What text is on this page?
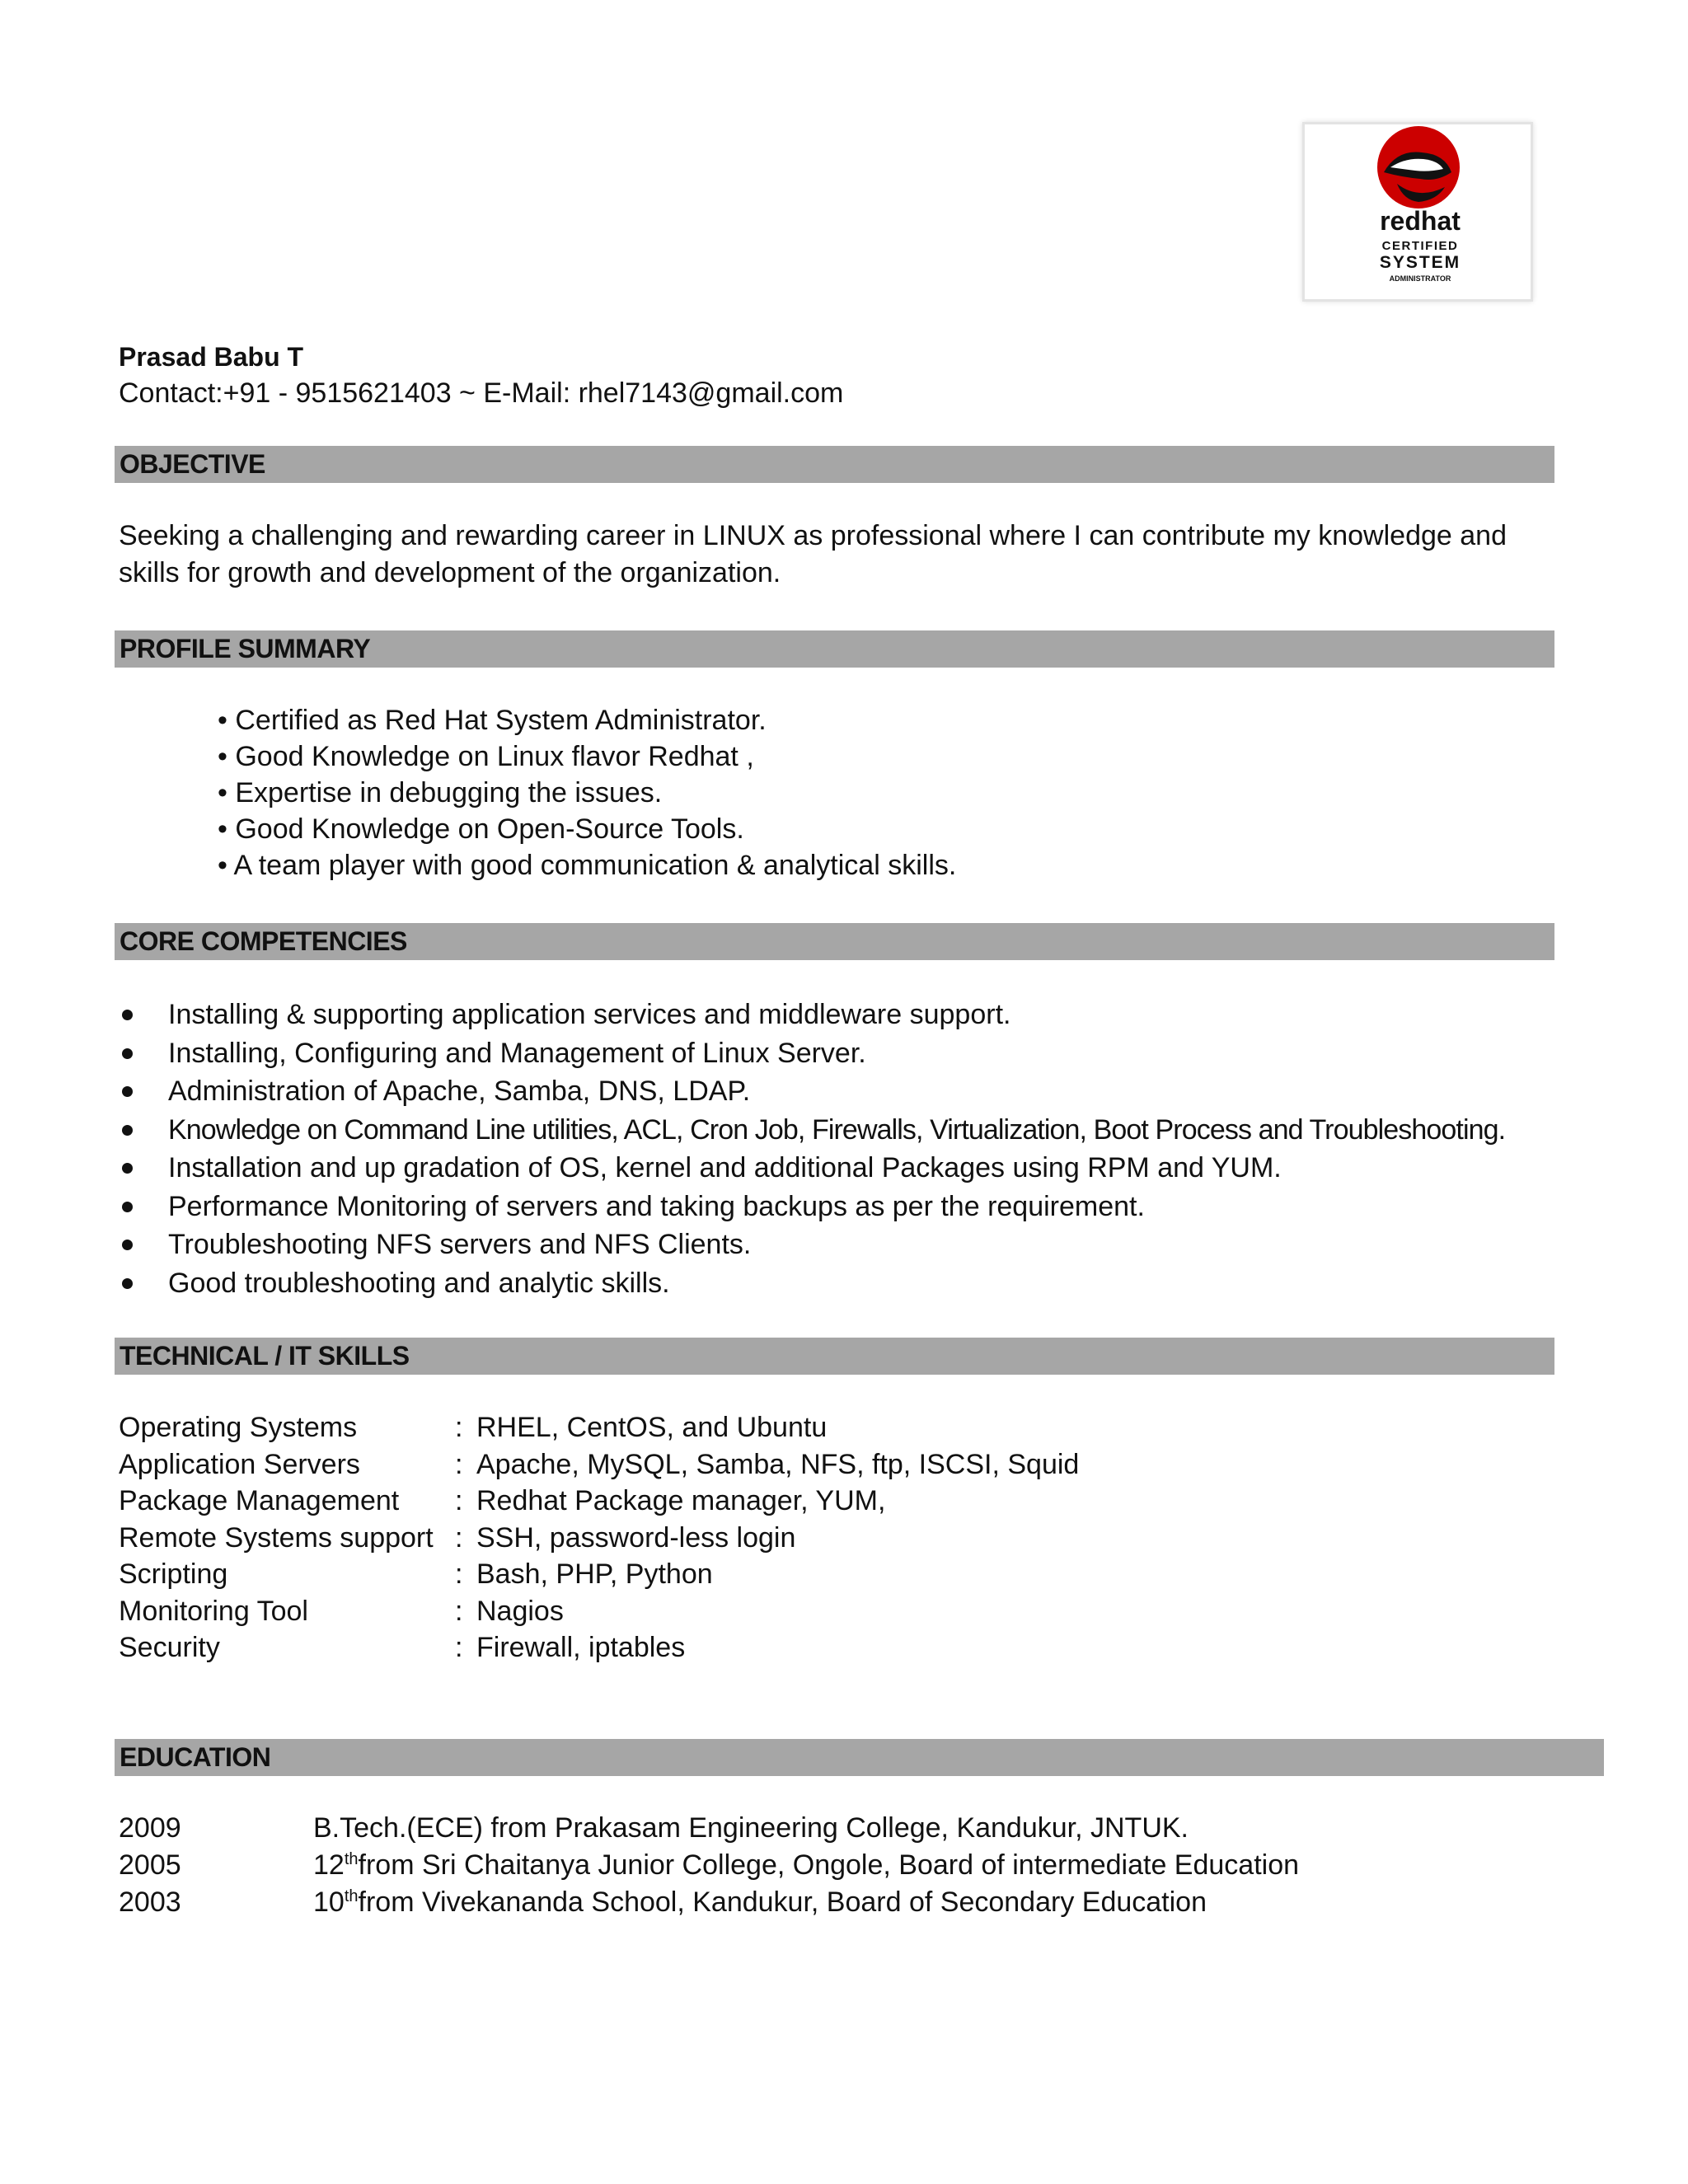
redhat
CERTIFIED
SYSTEM
ADMINISTRATOR
Prasad Babu T
Contact:+91 - 9515621403 ~ E-Mail: rhel7143@gmail.com
OBJECTIVE
Seeking a challenging and rewarding career in LINUX as professional where I can contribute my knowledge and skills for growth and development of the organization.
PROFILE SUMMARY
• Certified as Red Hat System Administrator.
• Good Knowledge on Linux flavor Redhat ,
• Expertise in debugging the issues.
• Good Knowledge on Open-Source Tools.
• A team player with good communication & analytical skills.
CORE COMPETENCIES
Installing & supporting application services and middleware support.
Installing, Configuring and Management of Linux Server.
Administration of Apache, Samba, DNS, LDAP.
Knowledge on Command Line utilities, ACL, Cron Job, Firewalls, Virtualization, Boot Process and Troubleshooting.
Installation and up gradation of OS, kernel and additional Packages using RPM and YUM.
Performance Monitoring of servers and taking backups as per the requirement.
Troubleshooting NFS servers and NFS Clients.
Good troubleshooting and analytic skills.
TECHNICAL / IT SKILLS
Operating Systems	: RHEL, CentOS, and Ubuntu
Application Servers	: Apache, MySQL, Samba, NFS, ftp, ISCSI, Squid
Package Management : Redhat Package manager, YUM,
Remote Systems support : SSH, password-less login
Scripting	: Bash, PHP, Python
Monitoring Tool	: Nagios
Security	: Firewall, iptables
EDUCATION
2009	B.Tech.(ECE) from Prakasam Engineering College, Kandukur, JNTUK.
2005	12thfrom Sri Chaitanya Junior College, Ongole, Board of intermediate Education
2003	10thfrom Vivekananda School, Kandukur, Board of Secondary Education
